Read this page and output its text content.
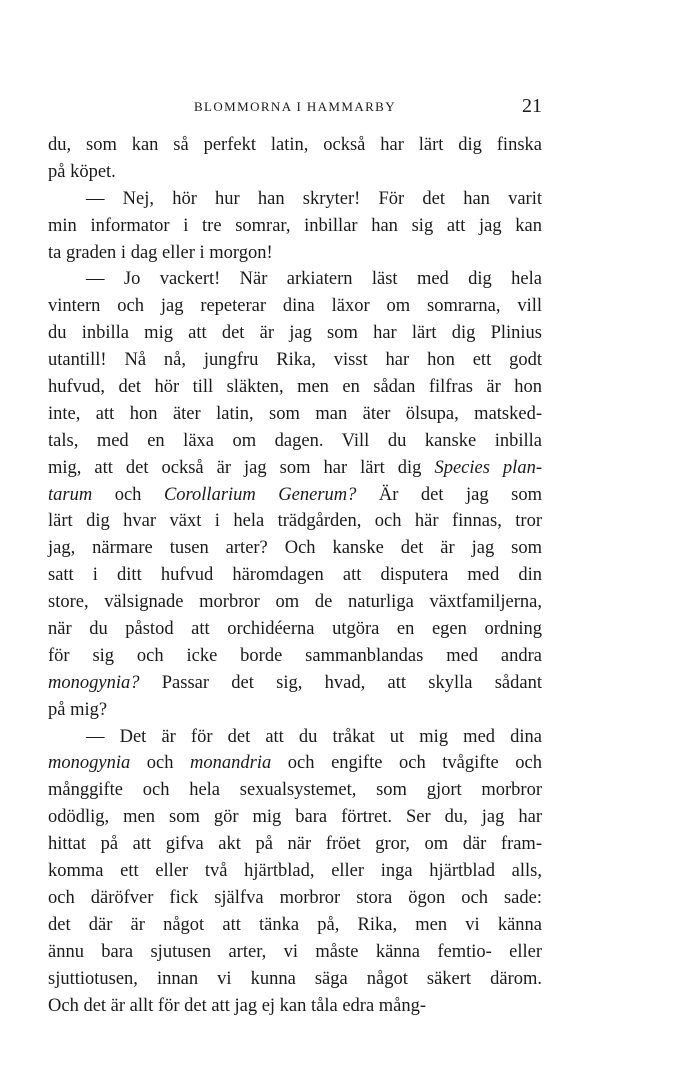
BLOMMORNA I HAMMARBY	21
du, som kan så perfekt latin, också har lärt dig finska
på köpet.
— Nej, hör hur han skryter! För det han varit
min informator i tre somrar, inbillar han sig att jag kan
ta graden i dag eller i morgon!
— Jo vackert! När arkiatern läst med dig hela
vintern och jag repeterar dina läxor om somrarna, vill
du inbilla mig att det är jag som har lärt dig Plinius
utantill! Nå nå, jungfru Rika, visst har hon ett godt
hufvud, det hör till släkten, men en sådan filfras är hon
inte, att hon äter latin, som man äter ölsupa, matsked-
tals, med en läxa om dagen. Vill du kanske inbilla
mig, att det också är jag som har lärt dig Species plan-
tarum och Corollarium Generum? Är det jag som
lärt dig hvar växt i hela trädgården, och här finnas, tror
jag, närmare tusen arter? Och kanske det är jag som
satt i ditt hufvud häromdagen att disputera med din
store, välsignade morbror om de naturliga växtfamiljerna,
när du påstod att orchidéerna utgöra en egen ordning
för sig och icke borde sammanblandas med andra
monogynia? Passar det sig, hvad, att skylla sådant
på mig?
— Det är för det att du tråkat ut mig med dina
monogynia och monandria och engifte och tvågifte och
månggifte och hela sexualsystemet, som gjort morbror
odödlig, men som gör mig bara förtret. Ser du, jag har
hittat på att gifva akt på när fröet gror, om där fram-
komma ett eller två hjärtblad, eller inga hjärtblad alls,
och däröfver fick själfva morbror stora ögon och sade:
det där är något att tänka på, Rika, men vi känna
ännu bara sjutusen arter, vi måste känna femtio- eller
sjuttiotusen, innan vi kunna säga något säkert därom.
Och det är allt för det att jag ej kan tåla edra mång-
